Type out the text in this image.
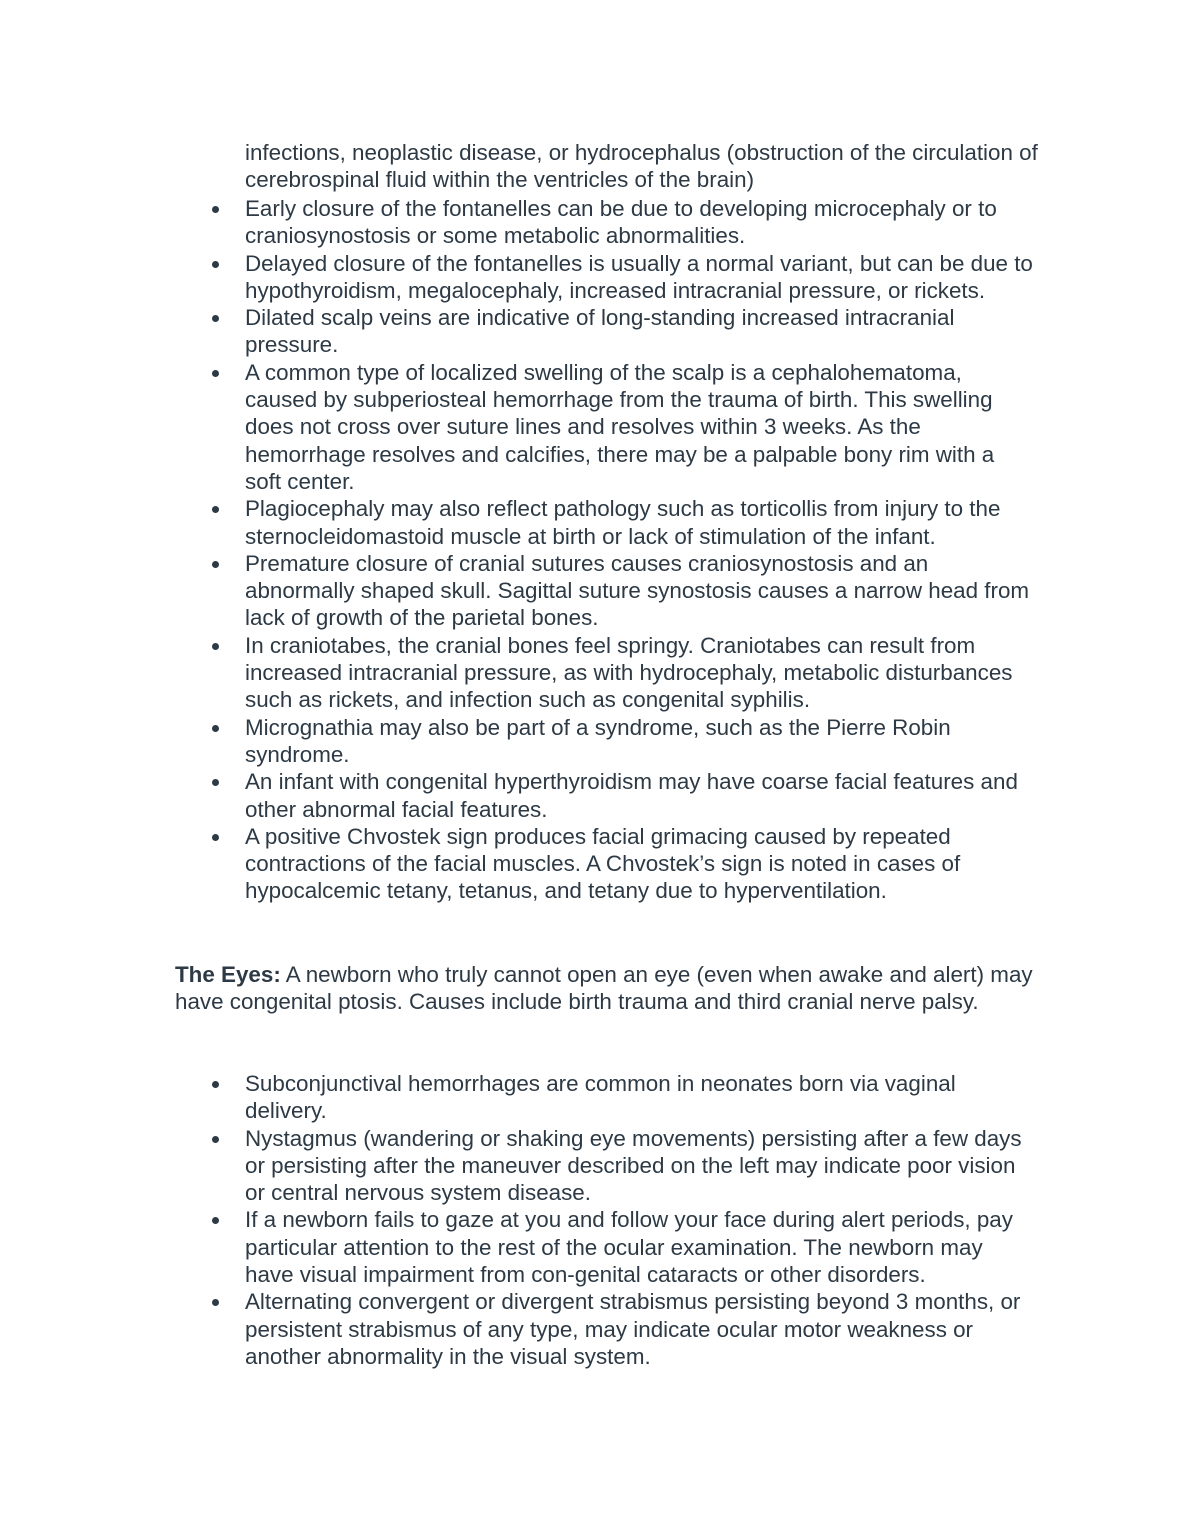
infections, neoplastic disease, or hydrocephalus (obstruction of the circulation of cerebrospinal fluid within the ventricles of the brain)

Early closure of the fontanelles can be due to developing microcephaly or to craniosynostosis or some metabolic abnormalities.
Delayed closure of the fontanelles is usually a normal variant, but can be due to hypothyroidism, megalocephaly, increased intracranial pressure, or rickets.
Dilated scalp veins are indicative of long-standing increased intracranial pressure.
A common type of localized swelling of the scalp is a cephalohematoma, caused by subperiosteal hemorrhage from the trauma of birth. This swelling does not cross over suture lines and resolves within 3 weeks. As the hemorrhage resolves and calcifies, there may be a palpable bony rim with a soft center.
Plagiocephaly may also reflect pathology such as torticollis from injury to the sternocleidomastoid muscle at birth or lack of stimulation of the infant.
Premature closure of cranial sutures causes craniosynostosis and an abnormally shaped skull. Sagittal suture synostosis causes a narrow head from lack of growth of the parietal bones.
In craniotabes, the cranial bones feel springy. Craniotabes can result from increased intracranial pressure, as with hydrocephaly, metabolic disturbances such as rickets, and infection such as congenital syphilis.
Micrognathia may also be part of a syndrome, such as the Pierre Robin syndrome.
An infant with congenital hyperthyroidism may have coarse facial features and other abnormal facial features.
A positive Chvostek sign produces facial grimacing caused by repeated contractions of the facial muscles. A Chvostek’s sign is noted in cases of hypocalcemic tetany, tetanus, and tetany due to hyperventilation.

The Eyes: A newborn who truly cannot open an eye (even when awake and alert) may have congenital ptosis. Causes include birth trauma and third cranial nerve palsy.

Subconjunctival hemorrhages are common in neonates born via vaginal delivery.
Nystagmus (wandering or shaking eye movements) persisting after a few days or persisting after the maneuver described on the left may indicate poor vision or central nervous system disease.
If a newborn fails to gaze at you and follow your face during alert periods, pay particular attention to the rest of the ocular examination. The newborn may have visual impairment from con-genital cataracts or other disorders.
Alternating convergent or divergent strabismus persisting beyond 3 months, or persistent strabismus of any type, may indicate ocular motor weakness or another abnormality in the visual system.
